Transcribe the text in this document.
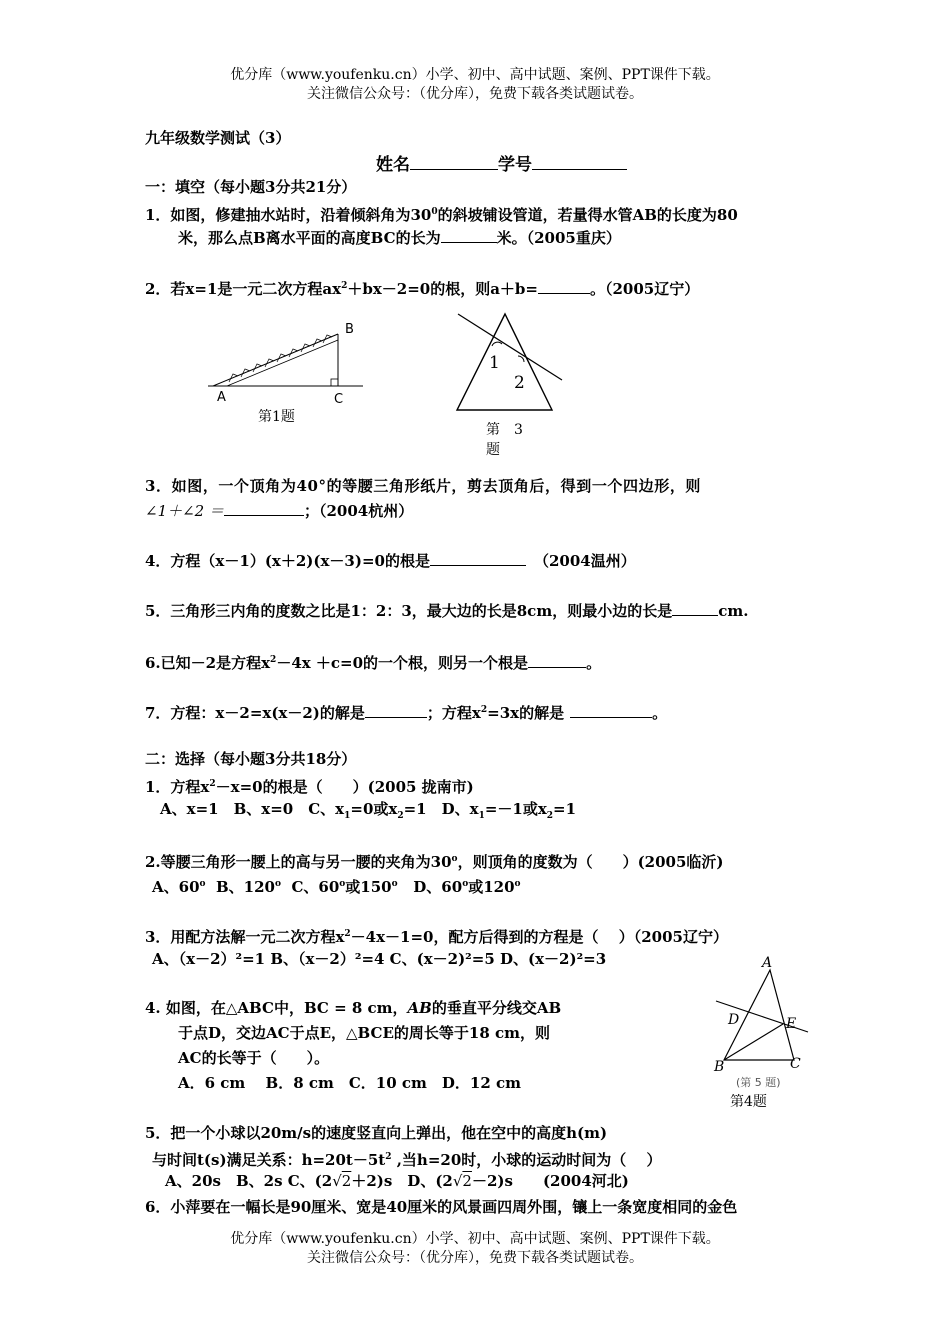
优分库（www.youfenku.cn）小学、初中、高中试题、案例、PPT课件下载。
关注微信公众号：（优分库），免费下载各类试题试卷。
九年级数学测试（3）
姓名	学号
一：填空（每小题3分共21分）
1．如图，修建抽水站时，沿着倾斜角为$30^0$的斜坡铺设管道，若量得水管AB的长度为80
米，那么点B离水平面的高度BC的长为	米。（2005重庆）
2．若x=1是一元二次方程$ax^2+bx-2=0$的根，则a＋b=	。（2005辽宁）
B
A	C
第1题
1
2
第　3
题
3．如图，一个顶角为40°的等腰三角形纸片，剪去顶角后，得到一个四边形，则
∠1＋∠2 ＝	；（2004杭州）
4．方程（x－1）(x＋2)(x－3)=0的根是	（2004温州）
5．三角形三内角的度数之比是1：2：3，最大边的长是8cm，则最小边的长是	cm.
6.已知－2是方程$x^2-4x +c=0$的一个根，则另一个根是	。
7．方程：x－2=x(x－2)的解是	；方程$x^2=3x$的解是	。
二：选择（每小题3分共18分）
1．方程$x^2-x=0$的根是（　　）(2005 拢南市)
A、x=1　B、x=0　C、$x_1=0$或$x_2=1$　D、$x_1=-1$或$x_2=1$
2.等腰三角形一腰上的高与另一腰的夹角为30$^o$，则顶角的度数为（　　）(2005临沂)
A、60$^o$ B、120$^o$ C、60$^o$或150$^o$ D、60$^o$或120$^o$
3．用配方法解一元二次方程$x^2-4x-1=0$，配方后得到的方程是（　 ）（2005辽宁）
A、（x－2）²=1 B、（x－2）²=4 C、(x－2)²=5 D、(x－2)²=3	A
D	E
B	C
(第 5 题)
第4题
4. 如图，在△ABC中，BC = 8 cm，AB的垂直平分线交AB
于点D，交边AC于点E，△BCE的周长等于18 cm，则
AC的长等于（　　）。
A．6 cm　 B．8 cm　C．10 cm　D．12 cm
5．把一个小球以20m/s的速度竖直向上弹出，他在空中的高度h(m)
与时间t(s)满足关系：$h=20t-5t^2$ ,当h=20时，小球的运动时间为（　 ）
A、20s　B、2s C、(2√2＋2)s　D、(2√2－2)s　　(2004河北)
6．小萍要在一幅长是90厘米、宽是40厘米的风景画四周外围，镶上一条宽度相同的金色
优分库（www.youfenku.cn）小学、初中、高中试题、案例、PPT课件下载。
关注微信公众号：（优分库），免费下载各类试题试卷。
